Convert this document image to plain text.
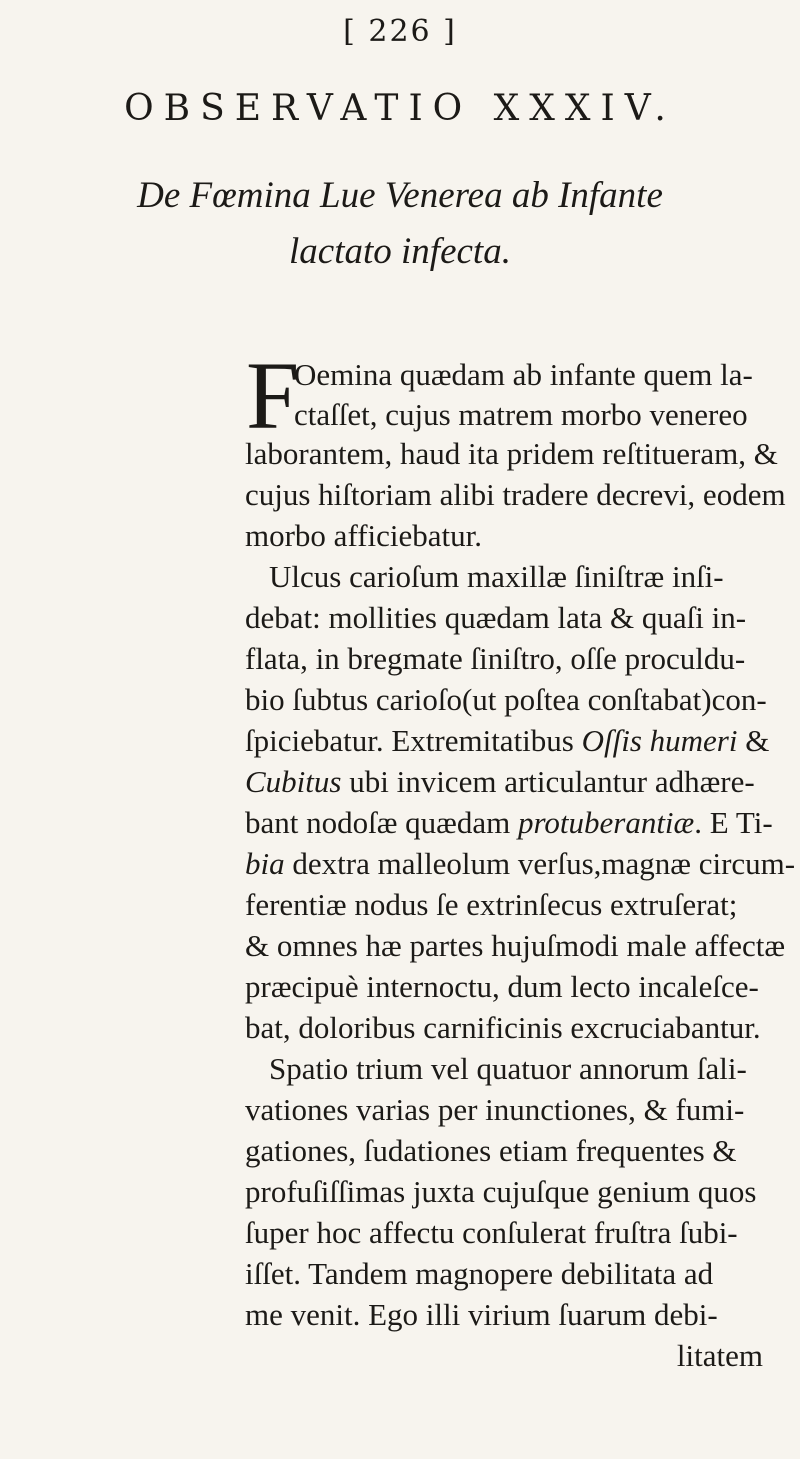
[ 226 ]
OBSERVATIO XXXIV.
De Fœmina Lue Venerea ab Infante
lactato infecta.
F
Oemina quædam ab infante quem la-
ctaſſet, cujus matrem morbo venereo
laborantem, haud ita pridem reſtitueram, &
cujus hiſtoriam alibi tradere decrevi, eodem
morbo afficiebatur.
Ulcus carioſum maxillæ ſiniſtræ inſi-
debat: mollities quædam lata & quaſi in-
flata, in bregmate ſiniſtro, oſſe proculdu-
bio ſubtus carioſo(ut poſtea conſtabat)con-
ſpiciebatur. Extremitatibus Oſſis humeri &
Cubitus ubi invicem articulantur adhære-
bant nodoſæ quædam protuberantiæ. E Ti-
bia dextra malleolum verſus,magnæ circum-
ferentiæ nodus ſe extrinſecus extruſerat;
& omnes hæ partes hujuſmodi male affectæ
præcipuè internoctu, dum lecto incaleſce-
bat, doloribus carnificinis excruciabantur.
Spatio trium vel quatuor annorum ſali-
vationes varias per inunctiones, & fumi-
gationes, ſudationes etiam frequentes &
profuſiſſimas juxta cujuſque genium quos
ſuper hoc affectu conſulerat fruſtra ſubi-
iſſet. Tandem magnopere debilitata ad
me venit. Ego illi virium ſuarum debi-
litatem
